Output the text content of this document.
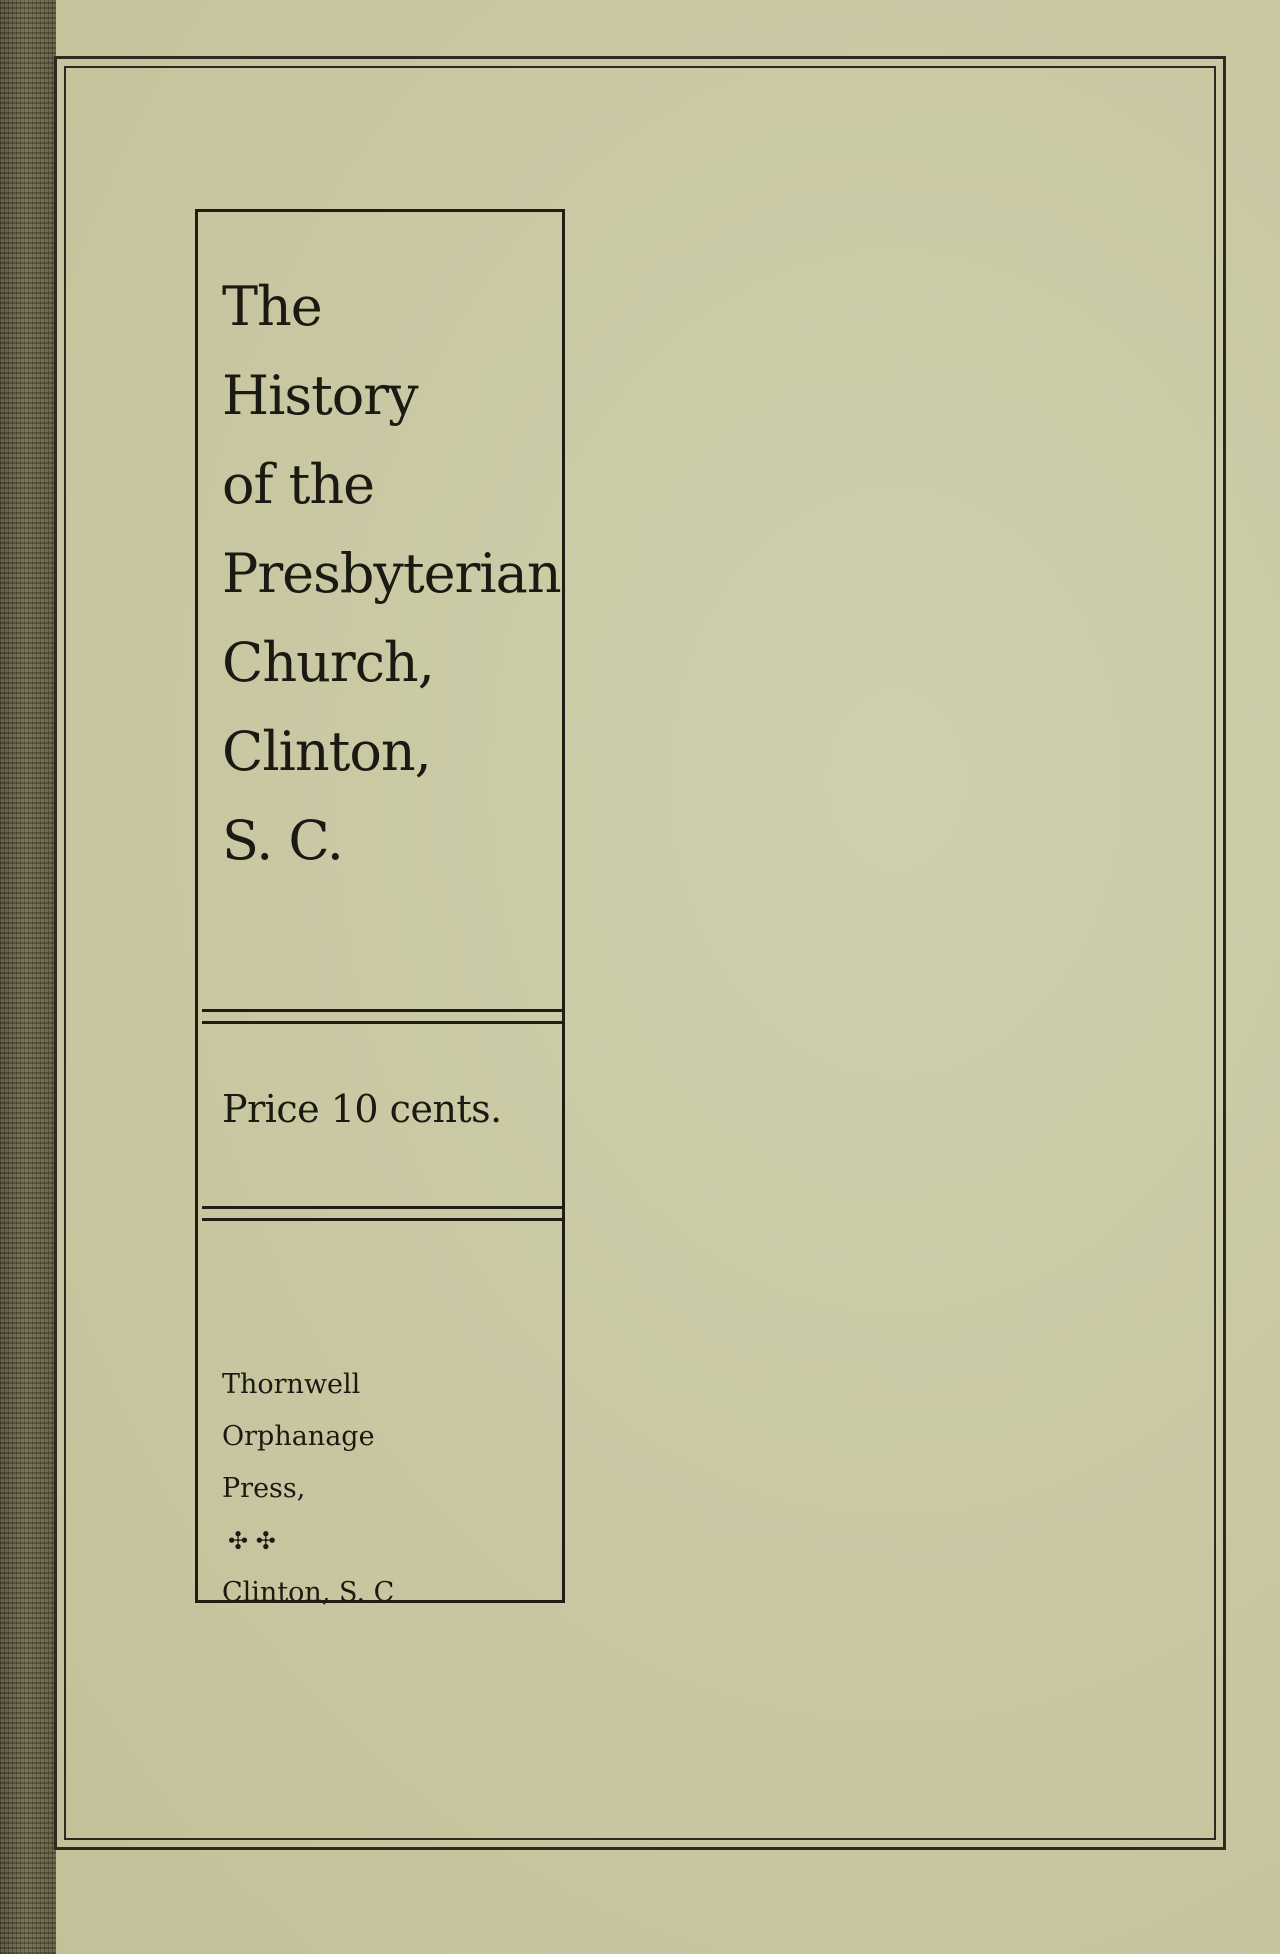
The
History
of the
Presbyterian
Church,
Clinton,
S. C.
Price 10 cents.
Thornwell
Orphanage
Press,
✣ ✣
Clinton, S. C
